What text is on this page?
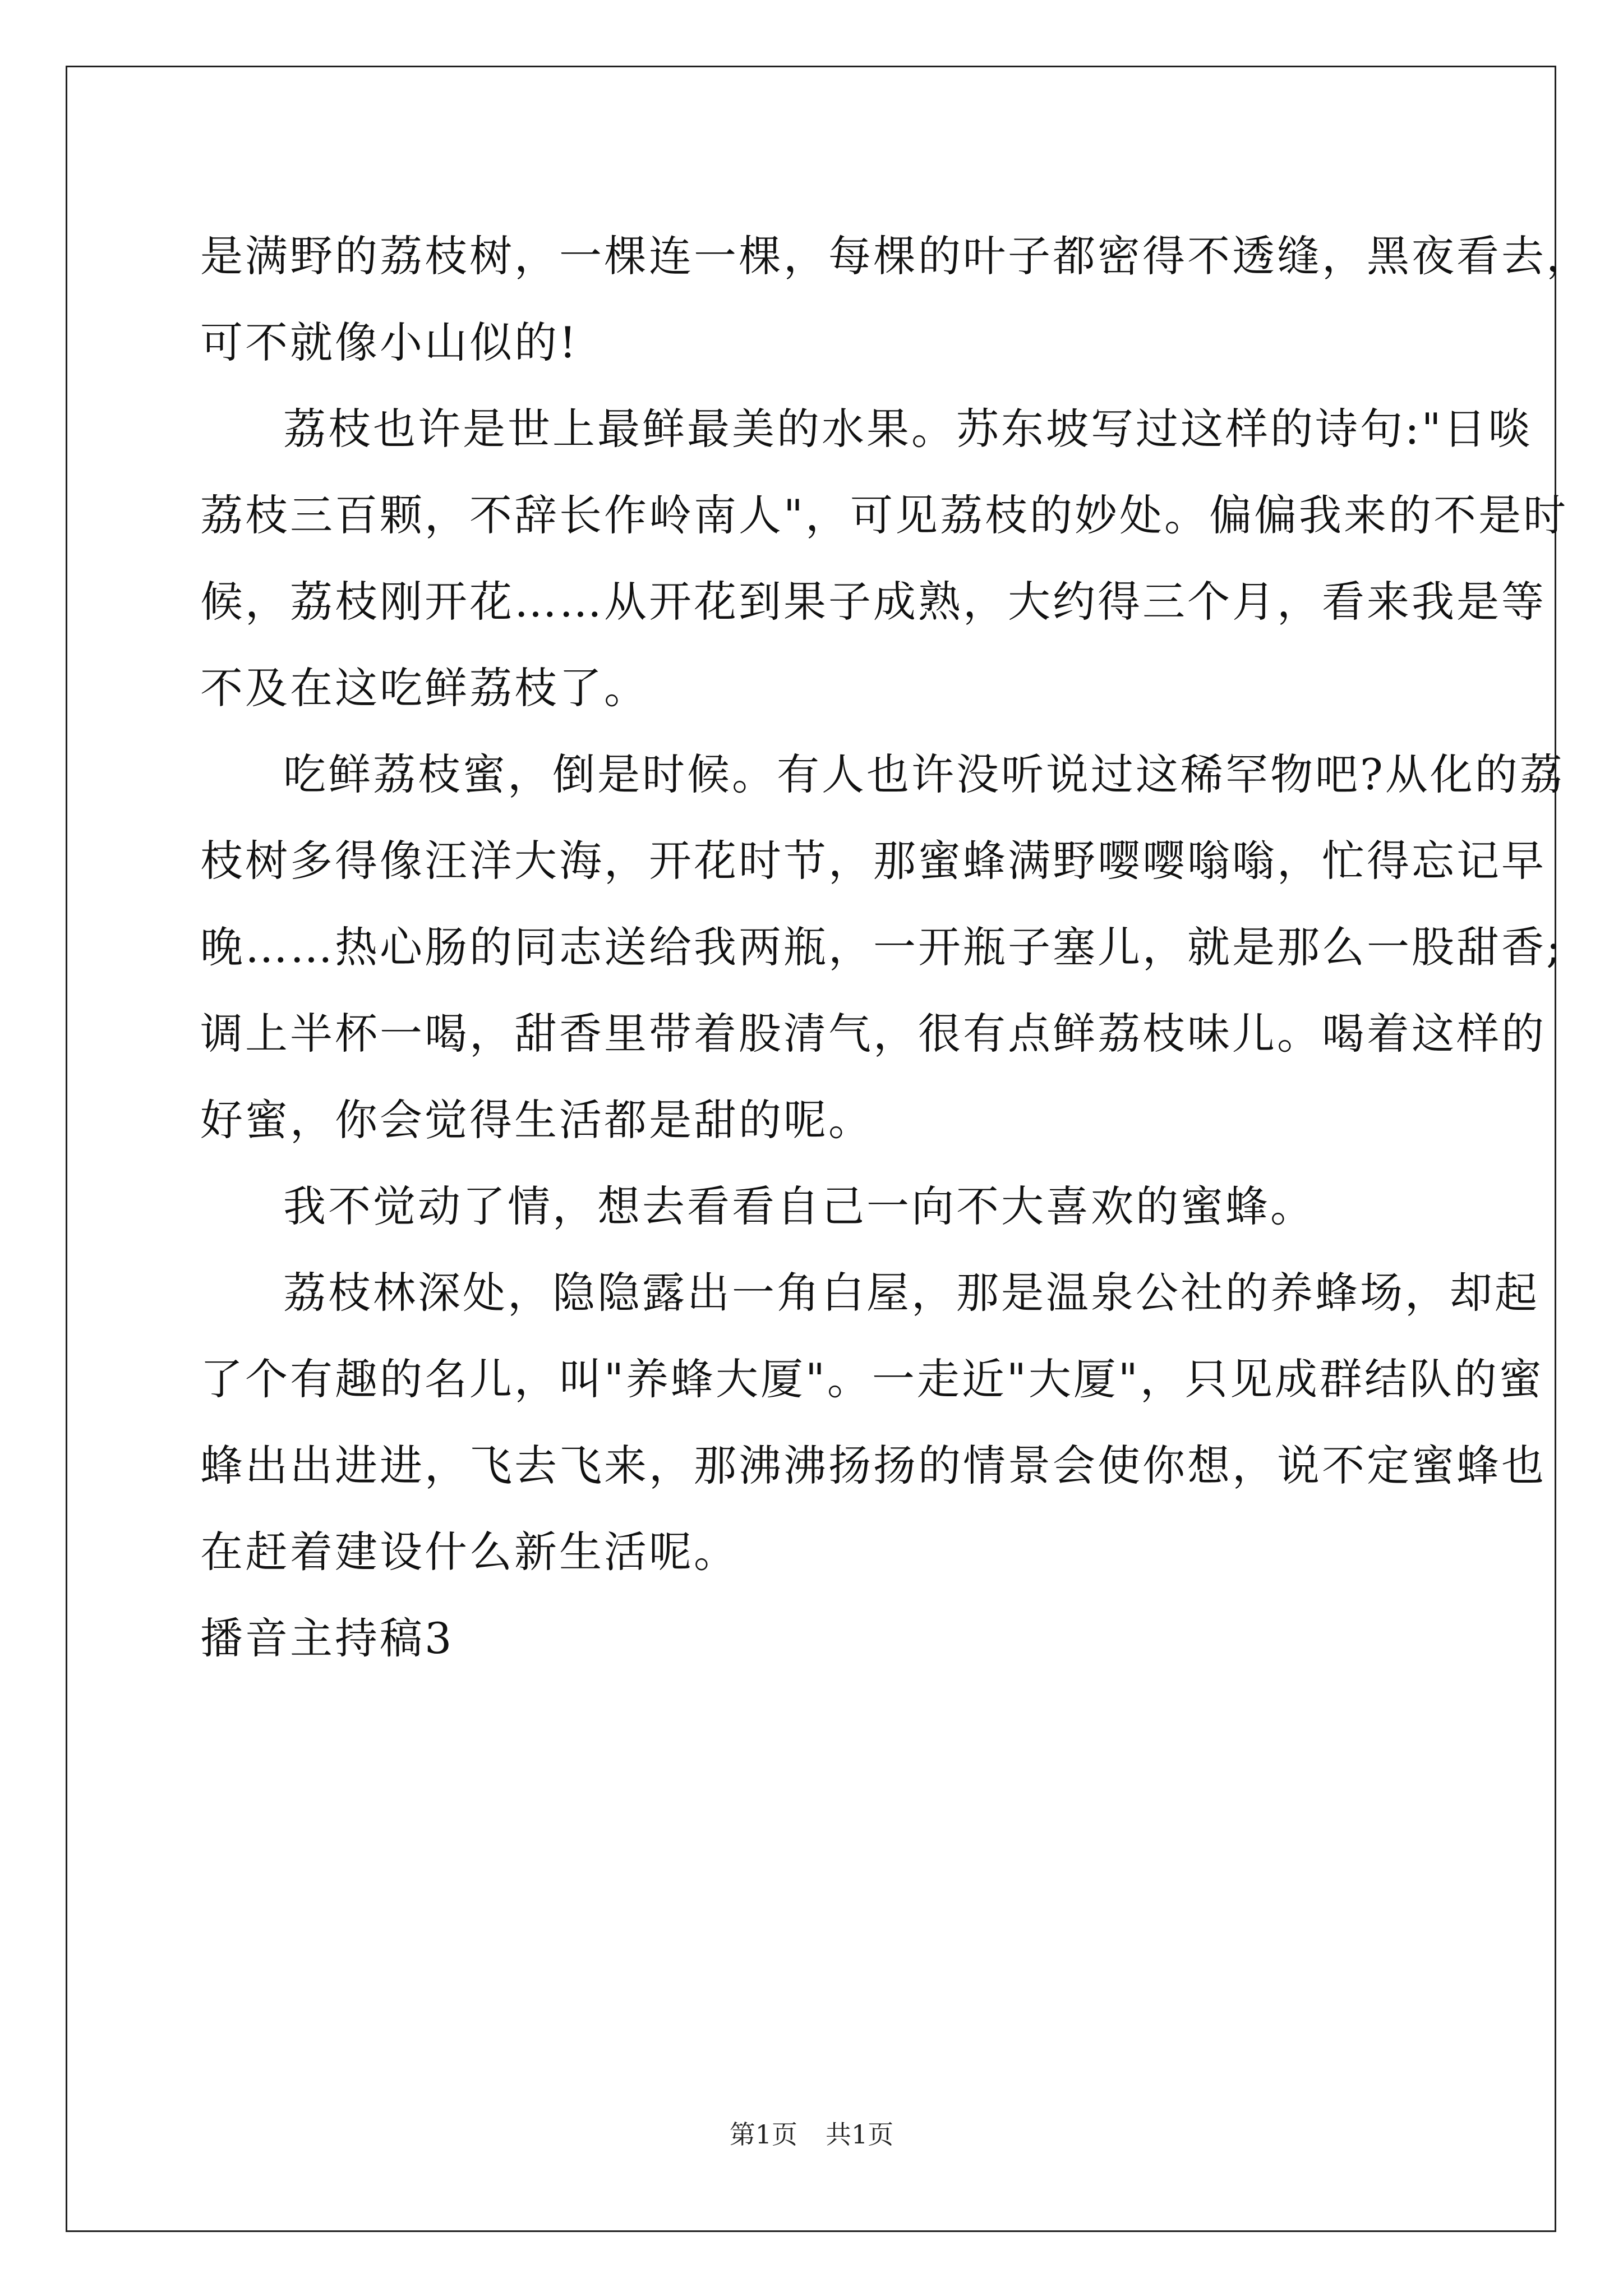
是满野的荔枝树，一棵连一棵，每棵的叶子都密得不透缝，黑夜看去，
可不就像小山似的!
荔枝也许是世上最鲜最美的水果。苏东坡写过这样的诗句:"日啖
荔枝三百颗，不辞长作岭南人"，可见荔枝的妙处。偏偏我来的不是时
候，荔枝刚开花……从开花到果子成熟，大约得三个月，看来我是等
不及在这吃鲜荔枝了。
吃鲜荔枝蜜，倒是时候。有人也许没听说过这稀罕物吧?从化的荔
枝树多得像汪洋大海，开花时节，那蜜蜂满野嘤嘤嗡嗡，忙得忘记早
晚……热心肠的同志送给我两瓶，一开瓶子塞儿，就是那么一股甜香;
调上半杯一喝，甜香里带着股清气，很有点鲜荔枝味儿。喝着这样的
好蜜，你会觉得生活都是甜的呢。
我不觉动了情，想去看看自己一向不大喜欢的蜜蜂。
荔枝林深处，隐隐露出一角白屋，那是温泉公社的养蜂场，却起
了个有趣的名儿，叫"养蜂大厦"。一走近"大厦"，只见成群结队的蜜
蜂出出进进，飞去飞来，那沸沸扬扬的情景会使你想，说不定蜜蜂也
在赶着建设什么新生活呢。
播音主持稿3
第1页 共1页
